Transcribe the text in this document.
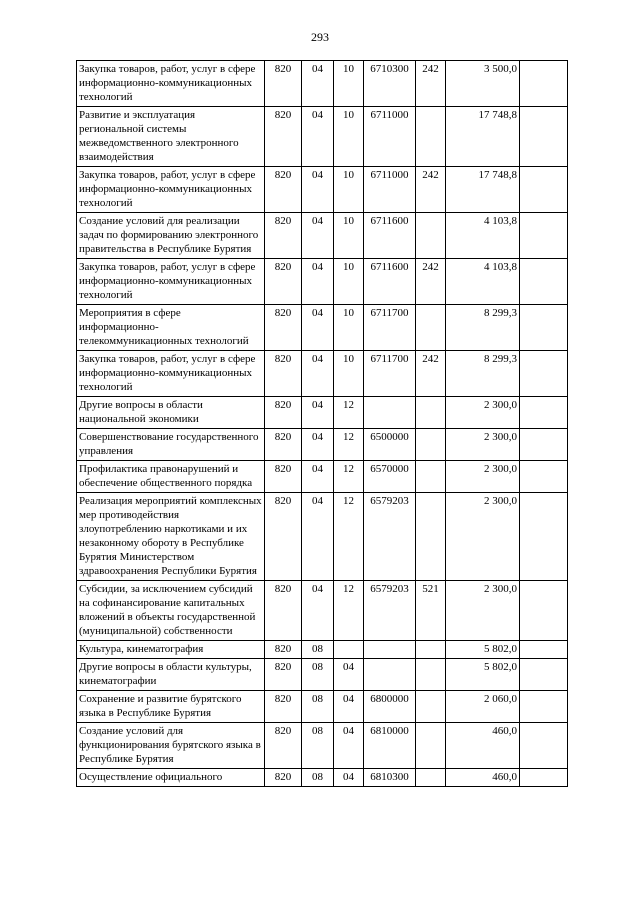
293
Закупка товаров, работ, услуг в сфере информационно-коммуникационных технологий	820	04	10	6710300	242	3 500,0	
Развитие и эксплуатация региональной системы межведомственного электронного взаимодействия	820	04	10	6711000		17 748,8	
Закупка товаров, работ, услуг в сфере информационно-коммуникационных технологий	820	04	10	6711000	242	17 748,8	
Создание условий для реализации задач по формированию электронного правительства в Республике Бурятия	820	04	10	6711600		4 103,8	
Закупка товаров, работ, услуг в сфере информационно-коммуникационных технологий	820	04	10	6711600	242	4 103,8	
Мероприятия в сфере информационно-телекоммуникационных технологий	820	04	10	6711700		8 299,3	
Закупка товаров, работ, услуг в сфере информационно-коммуникационных технологий	820	04	10	6711700	242	8 299,3	
Другие вопросы в области национальной экономики	820	04	12			2 300,0	
Совершенствование государственного управления	820	04	12	6500000		2 300,0	
Профилактика правонарушений и обеспечение общественного порядка	820	04	12	6570000		2 300,0	
Реализация мероприятий комплексных мер противодействия злоупотреблению наркотиками и их незаконному обороту в Республике Бурятия Министерством здравоохранения Республики Бурятия	820	04	12	6579203		2 300,0	
Субсидии, за исключением субсидий на софинансирование капитальных вложений в объекты государственной (муниципальной) собственности	820	04	12	6579203	521	2 300,0	
Культура, кинематография	820	08				5 802,0	
Другие вопросы в области культуры, кинематографии	820	08	04			5 802,0	
Сохранение и развитие бурятского языка в Республике Бурятия	820	08	04	6800000		2 060,0	
Создание условий для функционирования бурятского языка в Республике Бурятия	820	08	04	6810000		460,0	
Осуществление официального	820	08	04	6810300		460,0	
